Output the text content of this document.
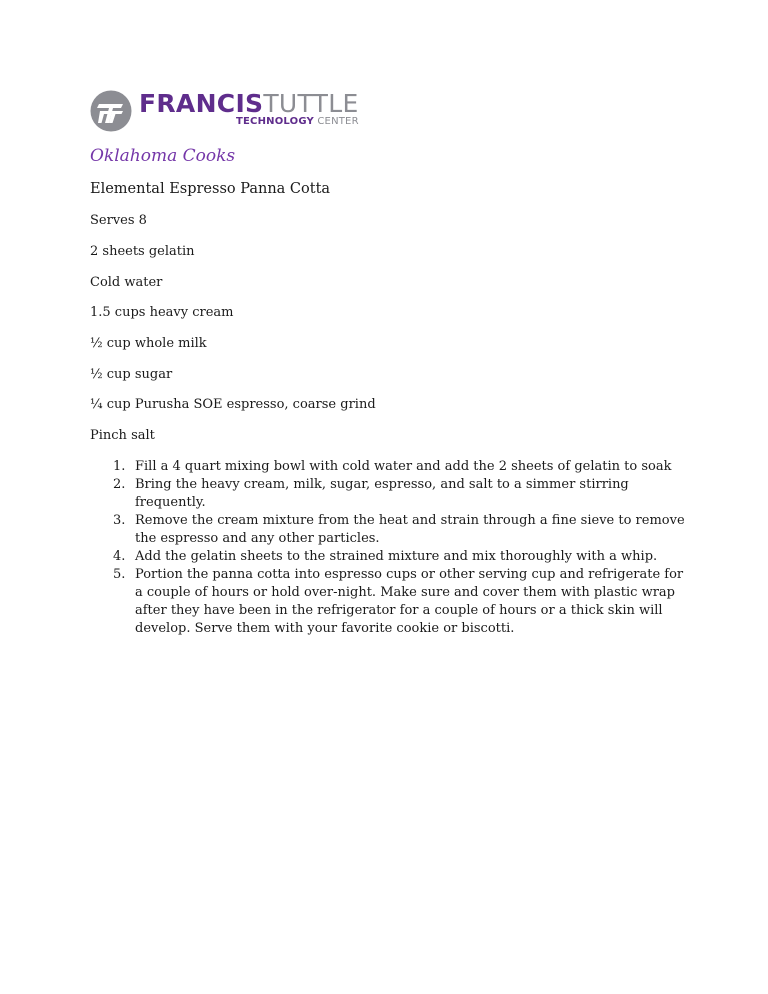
FRANCISTUTTLE
TECHNOLOGY CENTER
Oklahoma Cooks
Elemental Espresso Panna Cotta

Serves 8

2 sheets gelatin

Cold water

1.5 cups heavy cream

½ cup whole milk

½ cup sugar

¼ cup Purusha SOE espresso, coarse grind

Pinch salt

1. Fill a 4 quart mixing bowl with cold water and add the 2 sheets of gelatin to soak
2. Bring the heavy cream, milk, sugar, espresso, and salt to a simmer stirring frequently.
3. Remove the cream mixture from the heat and strain through a fine sieve to remove the espresso and any other particles.
4. Add the gelatin sheets to the strained mixture and mix thoroughly with a whip.
5. Portion the panna cotta into espresso cups or other serving cup and refrigerate for a couple of hours or hold over-night. Make sure and cover them with plastic wrap after they have been in the refrigerator for a couple of hours or a thick skin will develop. Serve them with your favorite cookie or biscotti.
